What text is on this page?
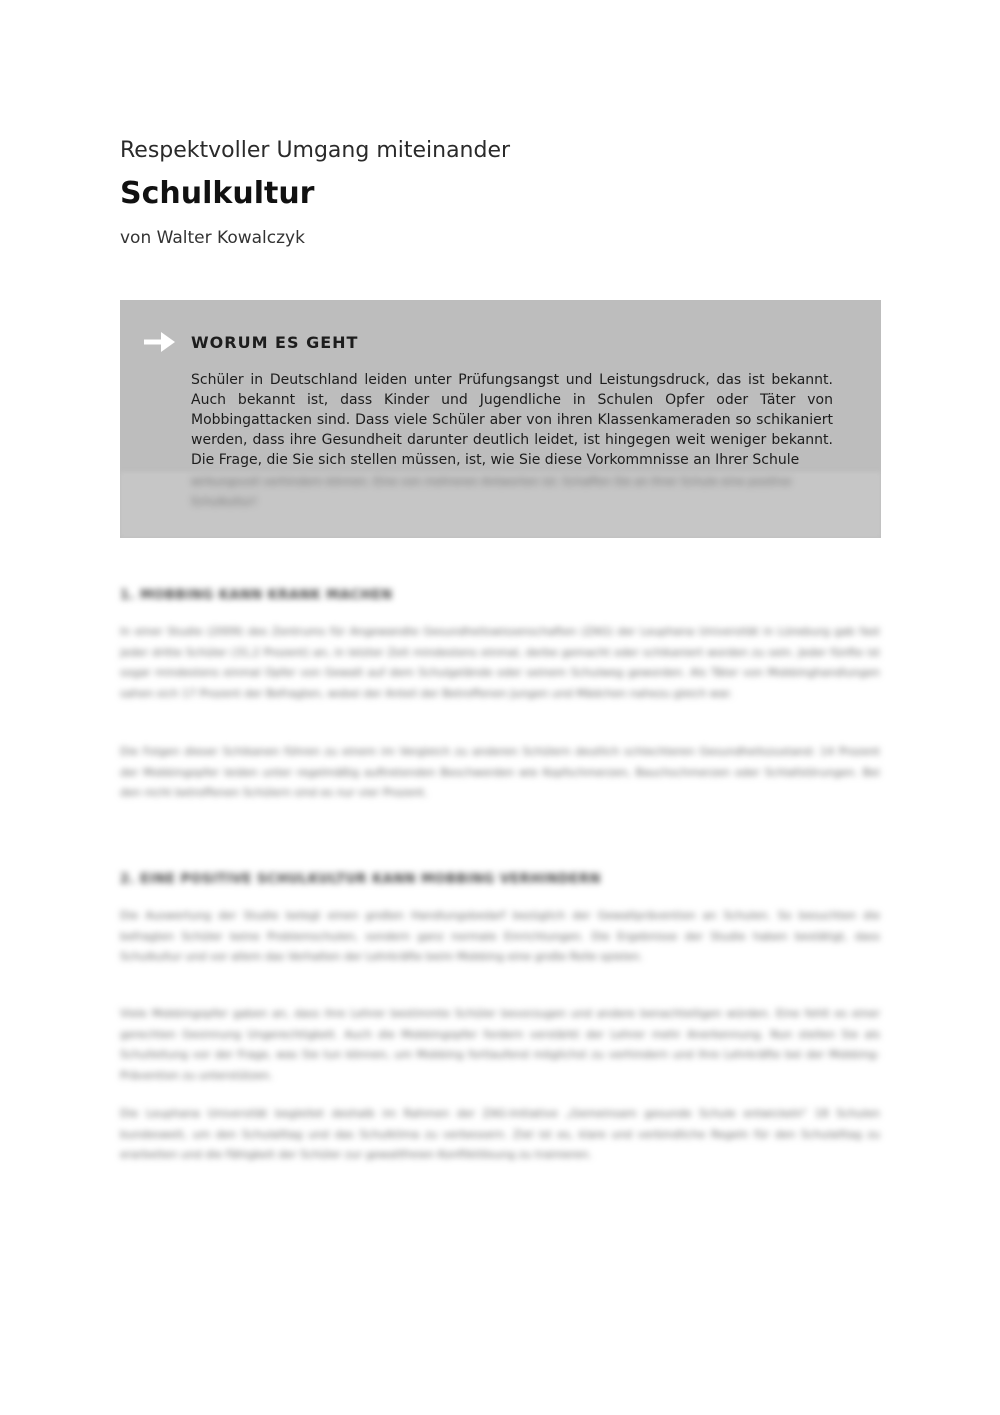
Respektvoller Umgang miteinander
Schulkultur
von Walter Kowalczyk
WORUM ES GEHT
Schüler in Deutschland leiden unter Prüfungsangst und Leistungsdruck, das ist bekannt. Auch bekannt ist, dass Kinder und Jugendliche in Schulen Opfer oder Täter von Mobbingattacken sind. Dass viele Schüler aber von ihren Klassenkameraden so schikaniert werden, dass ihre Gesundheit darunter deutlich leidet, ist hingegen weit weniger bekannt. Die Frage, die Sie sich stellen müssen, ist, wie Sie diese Vorkommnisse an Ihrer Schule
wirkungsvoll verhindern können. Eine von mehreren Antworten ist: Schaffen Sie an Ihrer Schule eine positive Schulkultur!
1. MOBBING KANN KRANK MACHEN
In einer Studie (2009) des Zentrums für Angewandte Gesundheitswissenschaften (ZAG) der Leuphana Universität in Lüneburg gab fast jeder dritte Schüler (31,2 Prozent) an, in letzter Zeit mindestens einmal, derbe gemacht oder schikaniert worden zu sein. Jeder fünfte ist sogar mindestens einmal Opfer von Gewalt auf dem Schulgelände oder seinem Schulweg geworden. Als Täter von Mobbinghandlungen sahen sich 17 Prozent der Befragten, wobei der Anteil der Betroffenen Jungen und Mädchen nahezu gleich war.
Die Folgen dieser Schikanen führen zu einem im Vergleich zu anderen Schülern deutlich schlechteren Gesundheitszustand: 14 Prozent der Mobbingopfer leiden unter regelmäßig auftretenden Beschwerden wie Kopfschmerzen, Bauchschmerzen oder Schlafstörungen. Bei den nicht betroffenen Schülern sind es nur vier Prozent.
2. EINE POSITIVE SCHULKULTUR KANN MOBBING VERHINDERN
Die Auswertung der Studie belegt einen großen Handlungsbedarf bezüglich der Gewaltprävention an Schulen. So besuchten die befragten Schüler keine Problemschulen, sondern ganz normale Einrichtungen. Die Ergebnisse der Studie haben bestätigt, dass Schulkultur und vor allem das Verhalten der Lehrkräfte beim Mobbing eine große Rolle spielen.
Viele Mobbingopfer gaben an, dass ihre Lehrer bestimmte Schüler bevorzugen und andere benachteiligen würden. Eine fehlt es einer gerechten Gesinnung Ungerechtigkeit. Auch die Mobbingopfer fordern verstärkt der Lehrer mehr Anerkennung. Nun stellen Sie als Schulleitung vor der Frage, was Sie tun können, um Mobbing fortlaufend möglichst zu verhindern und Ihre Lehrkräfte bei der Mobbing-Prävention zu unterstützen.
Die Leuphana Universität begleitet deshalb im Rahmen der ZAG-Initiative „Gemeinsam gesunde Schule entwickeln“ 18 Schulen bundesweit, um den Schulalltag und das Schulklima zu verbessern. Ziel ist es, klare und verbindliche Regeln für den Schulalltag zu erarbeiten und die Fähigkeit der Schüler zur gewaltfreien Konfliktlösung zu trainieren.
